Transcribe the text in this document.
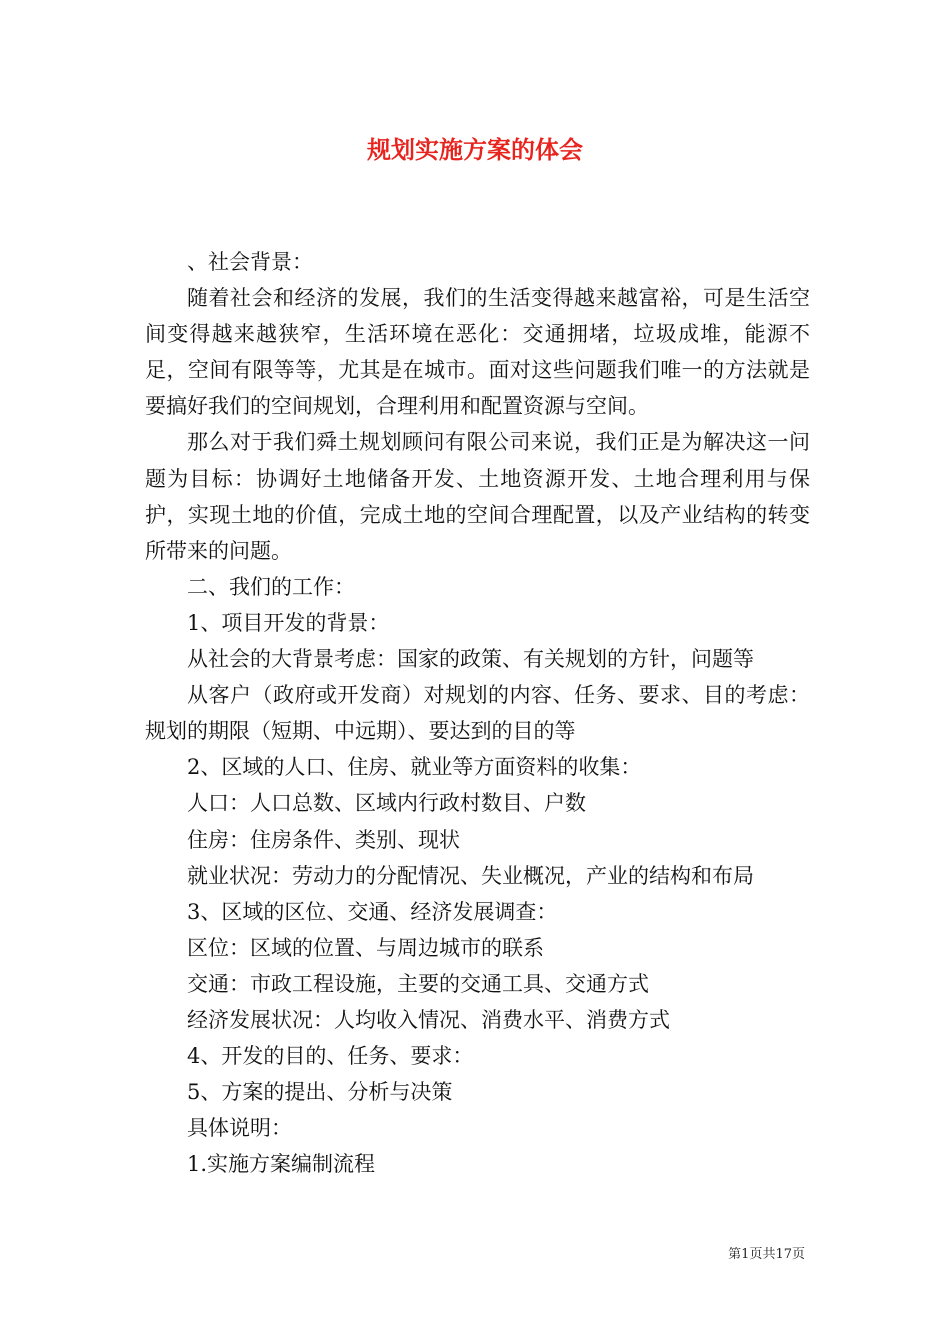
规划实施方案的体会

、社会背景：

随着社会和经济的发展，我们的生活变得越来越富裕，可是生活空间变得越来越狭窄，生活环境在恶化：交通拥堵，垃圾成堆，能源不足，空间有限等等，尤其是在城市。面对这些问题我们唯一的方法就是要搞好我们的空间规划，合理利用和配置资源与空间。

那么对于我们舜土规划顾问有限公司来说，我们正是为解决这一问题为目标：协调好土地储备开发、土地资源开发、土地合理利用与保护，实现土地的价值，完成土地的空间合理配置，以及产业结构的转变所带来的问题。

二、我们的工作：

1、项目开发的背景：

从社会的大背景考虑：国家的政策、有关规划的方针，问题等

从客户（政府或开发商）对规划的内容、任务、要求、目的考虑：规划的期限（短期、中远期）、要达到的目的等

2、区域的人口、住房、就业等方面资料的收集：

人口：人口总数、区域内行政村数目、户数

住房：住房条件、类别、现状

就业状况：劳动力的分配情况、失业概况，产业的结构和布局

3、区域的区位、交通、经济发展调查：

区位：区域的位置、与周边城市的联系

交通：市政工程设施，主要的交通工具、交通方式

经济发展状况：人均收入情况、消费水平、消费方式

4、开发的目的、任务、要求：

5、方案的提出、分析与决策

具体说明：

1.实施方案编制流程

第1页共17页
